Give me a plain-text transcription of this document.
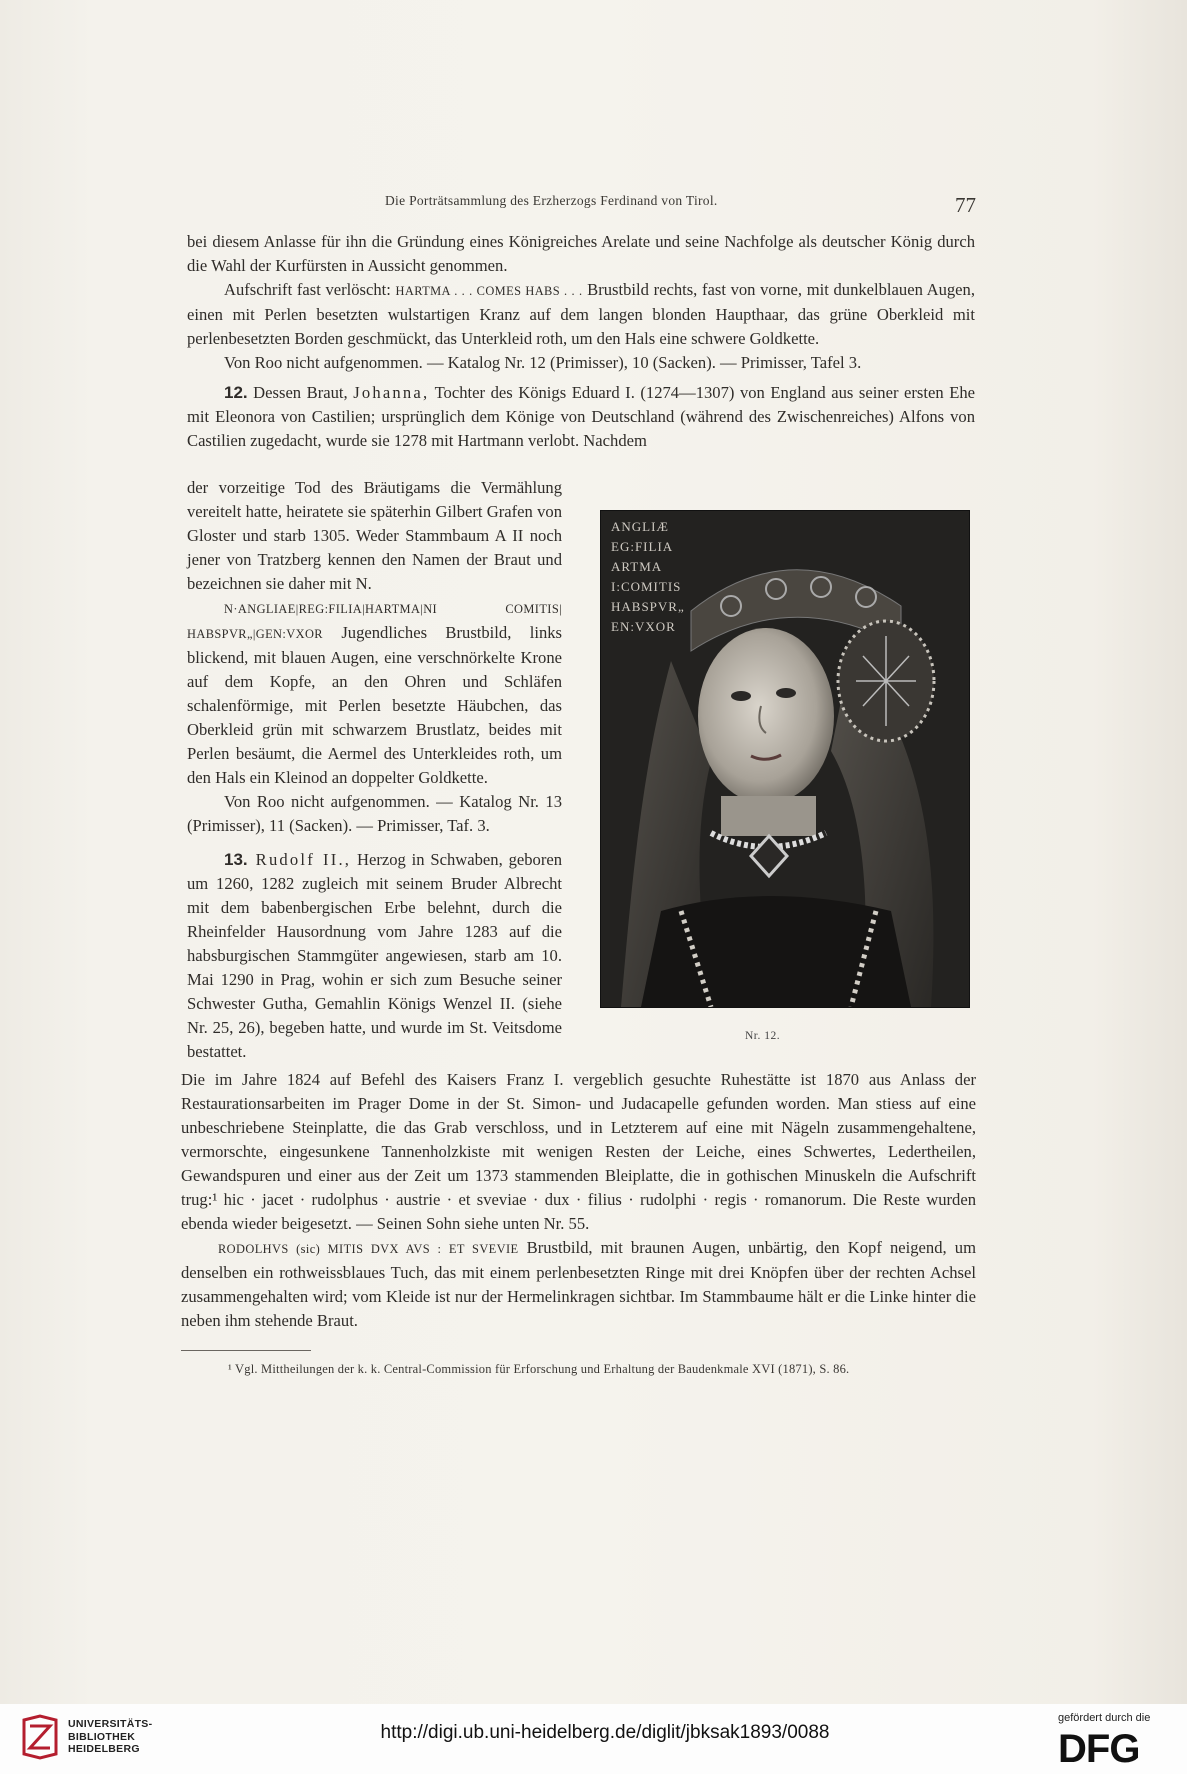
Die Porträtsammlung des Erzherzogs Ferdinand von Tirol.	77

bei diesem Anlasse für ihn die Gründung eines Königreiches Arelate und seine Nachfolge als deutscher König durch die Wahl der Kurfürsten in Aussicht genommen.

Aufschrift fast verlöscht: HARTMA . . . COMES HABS . . . Brustbild rechts, fast von vorne, mit dunkelblauen Augen, einen mit Perlen besetzten wulstartigen Kranz auf dem langen blonden Haupthaar, das grüne Oberkleid mit perlenbesetzten Borden geschmückt, das Unterkleid roth, um den Hals eine schwere Goldkette.

Von Roo nicht aufgenommen. — Katalog Nr. 12 (Primisser), 10 (Sacken). — Primisser, Tafel 3.

12. Dessen Braut, Johanna, Tochter des Königs Eduard I. (1274—1307) von England aus seiner ersten Ehe mit Eleonora von Castilien; ursprünglich dem Könige von Deutschland (während des Zwischenreiches) Alfons von Castilien zugedacht, wurde sie 1278 mit Hartmann verlobt. Nachdem

der vorzeitige Tod des Bräutigams die Vermählung vereitelt hatte, heiratete sie späterhin Gilbert Grafen von Gloster und starb 1305. Weder Stammbaum A II noch jener von Tratzberg kennen den Namen der Braut und bezeichnen sie daher mit N.

N·ANGLIAE|REG:FILIA|HARTMA|NI COMITIS| HABSPVR„|GEN:VXOR Jugendliches Brustbild, links blickend, mit blauen Augen, eine verschnörkelte Krone auf dem Kopfe, an den Ohren und Schläfen schalenförmige, mit Perlen besetzte Häubchen, das Oberkleid grün mit schwarzem Brustlatz, beides mit Perlen besäumt, die Aermel des Unterkleides roth, um den Hals ein Kleinod an doppelter Goldkette.

Von Roo nicht aufgenommen. — Katalog Nr. 13 (Primisser), 11 (Sacken). — Primisser, Taf. 3.

13. Rudolf II., Herzog in Schwaben, geboren um 1260, 1282 zugleich mit seinem Bruder Albrecht mit dem babenbergischen Erbe belehnt, durch die Rheinfelder Hausordnung vom Jahre 1283 auf die habsburgischen Stammgüter angewiesen, starb am 10. Mai 1290 in Prag, wohin er sich zum Besuche seiner Schwester Gutha, Gemahlin Königs Wenzel II. (siehe Nr. 25, 26), begeben hatte, und wurde im St. Veitsdome bestattet.

ANGLIÆ
EG:FILIA
ARTMA
I:COMITIS
HABSPVR„
EN:VXOR
Nr. 12.

Die im Jahre 1824 auf Befehl des Kaisers Franz I. vergeblich gesuchte Ruhestätte ist 1870 aus Anlass der Restaurationsarbeiten im Prager Dome in der St. Simon- und Judacapelle gefunden worden. Man stiess auf eine unbeschriebene Steinplatte, die das Grab verschloss, und in Letzterem auf eine mit Nägeln zusammengehaltene, vermorschte, eingesunkene Tannenholzkiste mit wenigen Resten der Leiche, eines Schwertes, Ledertheilen, Gewandspuren und einer aus der Zeit um 1373 stammenden Bleiplatte, die in gothischen Minuskeln die Aufschrift trug:¹ hic · jacet · rudolphus · austrie · et sveviae · dux · filius · rudolphi · regis · romanorum. Die Reste wurden ebenda wieder beigesetzt. — Seinen Sohn siehe unten Nr. 55.

RODOLHVS (sic) MITIS DVX AVS : ET SVEVIE Brustbild, mit braunen Augen, unbärtig, den Kopf neigend, um denselben ein rothweissblaues Tuch, das mit einem perlenbesetzten Ringe mit drei Knöpfen über der rechten Achsel zusammengehalten wird; vom Kleide ist nur der Hermelinkragen sichtbar. Im Stammbaume hält er die Linke hinter die neben ihm stehende Braut.

¹ Vgl. Mittheilungen der k. k. Central-Commission für Erforschung und Erhaltung der Baudenkmale XVI (1871), S. 86.
UNIVERSITÄTS-
BIBLIOTHEK
HEIDELBERG
http://digi.ub.uni-heidelberg.de/diglit/jbksak1893/0088
gefördert durch die
DFG
